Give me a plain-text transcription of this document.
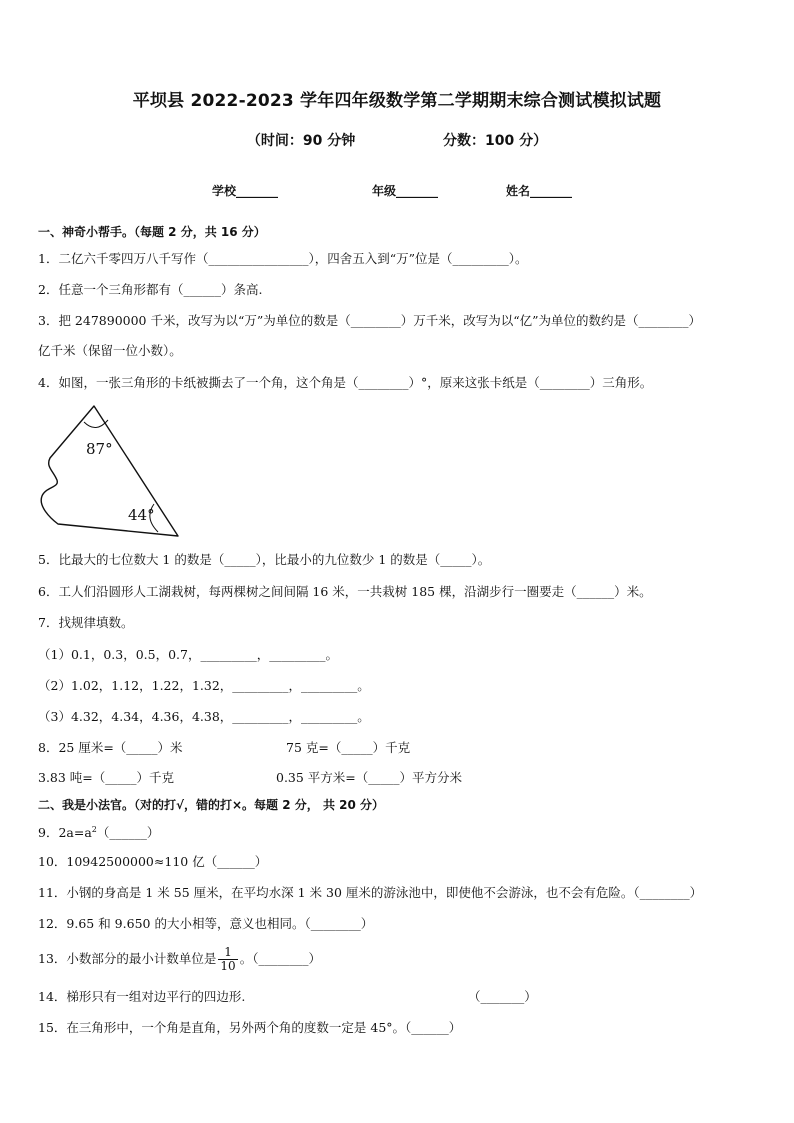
平坝县 2022-2023 学年四年级数学第二学期期末综合测试模拟试题
（时间：90 分钟                  分数：100 分）
学校_______	年级_______	姓名_______
一、神奇小帮手。（每题 2 分，共 16 分）
1．二亿六千零四万八千写作（________________），四舍五入到“万”位是（_________）。
2．任意一个三角形都有（______）条高.
3．把 247890000 千米，改写为以“万”为单位的数是（________）万千米，改写为以“亿”为单位的数约是（________）
亿千米（保留一位小数）。
4．如图，一张三角形的卡纸被撕去了一个角，这个角是（________）°，原来这张卡纸是（________）三角形。
87°
44°
5．比最大的七位数大 1 的数是（_____），比最小的九位数少 1 的数是（_____）。
6．工人们沿圆形人工湖栽树，每两棵树之间间隔 16 米，一共栽树 185 棵，沿湖步行一圈要走（______）米。
7．找规律填数。
（1）0.1，0.3，0.5，0.7，_________，_________。
（2）1.02，1.12，1.22，1.32，_________，_________。
（3）4.32，4.34，4.36，4.38，_________，_________。
8．25 厘米=（_____）米	75 克=（_____）千克
3.83 吨=（_____）千克	0.35 平方米=（_____）平方分米
二、我是小法官。（对的打√，错的打×。每题 2 分， 共 20 分）
9．$2a=a^2(\_\_\_\_\_\_)$
10．10942500000≈110 亿（______）
11．小钢的身高是 1 米 55 厘米，在平均水深 1 米 30 厘米的游泳池中，即使他不会游泳，也不会有危险。（________）
12．9.65 和 9.650 的大小相等，意义也相同。（________）
13．小数部分的最小计数单位是 $\frac{1}{10}$ 。（________）
14．梯形只有一组对边平行的四边形.	（_______）
15．在三角形中，一个角是直角，另外两个角的度数一定是 45°。（______）
